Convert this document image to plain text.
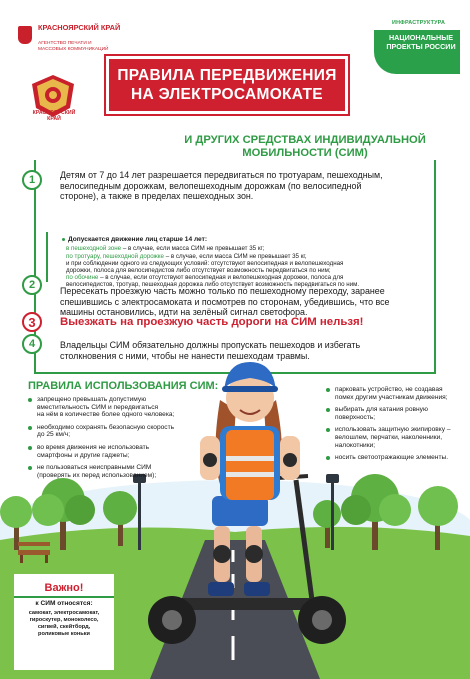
КРАСНОЯРСКИЙ КРАЙ
АГЕНТСТВО ПЕЧАТИ И МАССОВЫХ КОММУНИКАЦИЙ
КРАСНОЯРСКИЙ КРАЙ
ИНФРАСТРУКТУРА
НАЦИОНАЛЬНЫЕ ПРОЕКТЫ РОССИИ
ПРАВИЛА ПЕРЕДВИЖЕНИЯ
НА ЭЛЕКТРОСАМОКАТЕ
И ДРУГИХ СРЕДСТВАХ ИНДИВИДУАЛЬНОЙ
МОБИЛЬНОСТИ (СИМ)
1	Детям от 7 до 14 лет разрешается передвигаться по тротуарам, пешеходным,
велосипедным дорожкам, велопешеходным дорожкам (по велосипедной
стороне), а также в пределах пешеходных зон.
Допускается движение лиц старше 14 лет:
в пешеходной зоне – в случае, если масса СИМ не превышает 35 кг;
по тротуару, пешеходной дорожке – в случае, если масса СИМ не превышает 35 кг,
и при соблюдении одного из следующих условий: отсутствуют велосипедная и велопешеходная
дорожки, полоса для велосипедистов либо отсутствует возможность передвигаться по ним;
по обочине – в случае, если отсутствуют велосипедная и велопешеходная дорожки, полоса для
велосипедистов, тротуар, пешеходная дорожка либо отсутствует возможность передвигаться по ним.
2	Пересекать проезжую часть можно только по пешеходному переходу, заранее
спешившись с электросамоката и посмотрев по сторонам, убедившись, что все
машины остановились, идти на зелёный сигнал светофора.
3	Выезжать на проезжую часть дороги на СИМ нельзя!
4	Владельцы СИМ обязательно должны пропускать пешеходов и избегать
столкновения с ними, чтобы не нанести пешеходам травмы.
ПРАВИЛА ИСПОЛЬЗОВАНИЯ СИМ:
запрещено превышать допустимую
вместительность СИМ и передвигаться
на нём в количестве более одного человека;
необходимо сохранять безопасную скорость
до 25 км/ч;
во время движения не использовать
смартфоны и другие гаджеты;
не пользоваться неисправными СИМ
(проверять их перед использованием);
парковать устройство, не создавая
помех другим участникам движения;
выбирать для катания ровную
поверхность;
использовать защитную экипировку –
велошлем, перчатки, наколенники,
налокотники;
носить светоотражающие элементы.
Важно!
к СИМ относятся:
самокат, электросамокат,
гироскутер, моноколесо,
сигвей, скейтборд,
роликовые коньки
